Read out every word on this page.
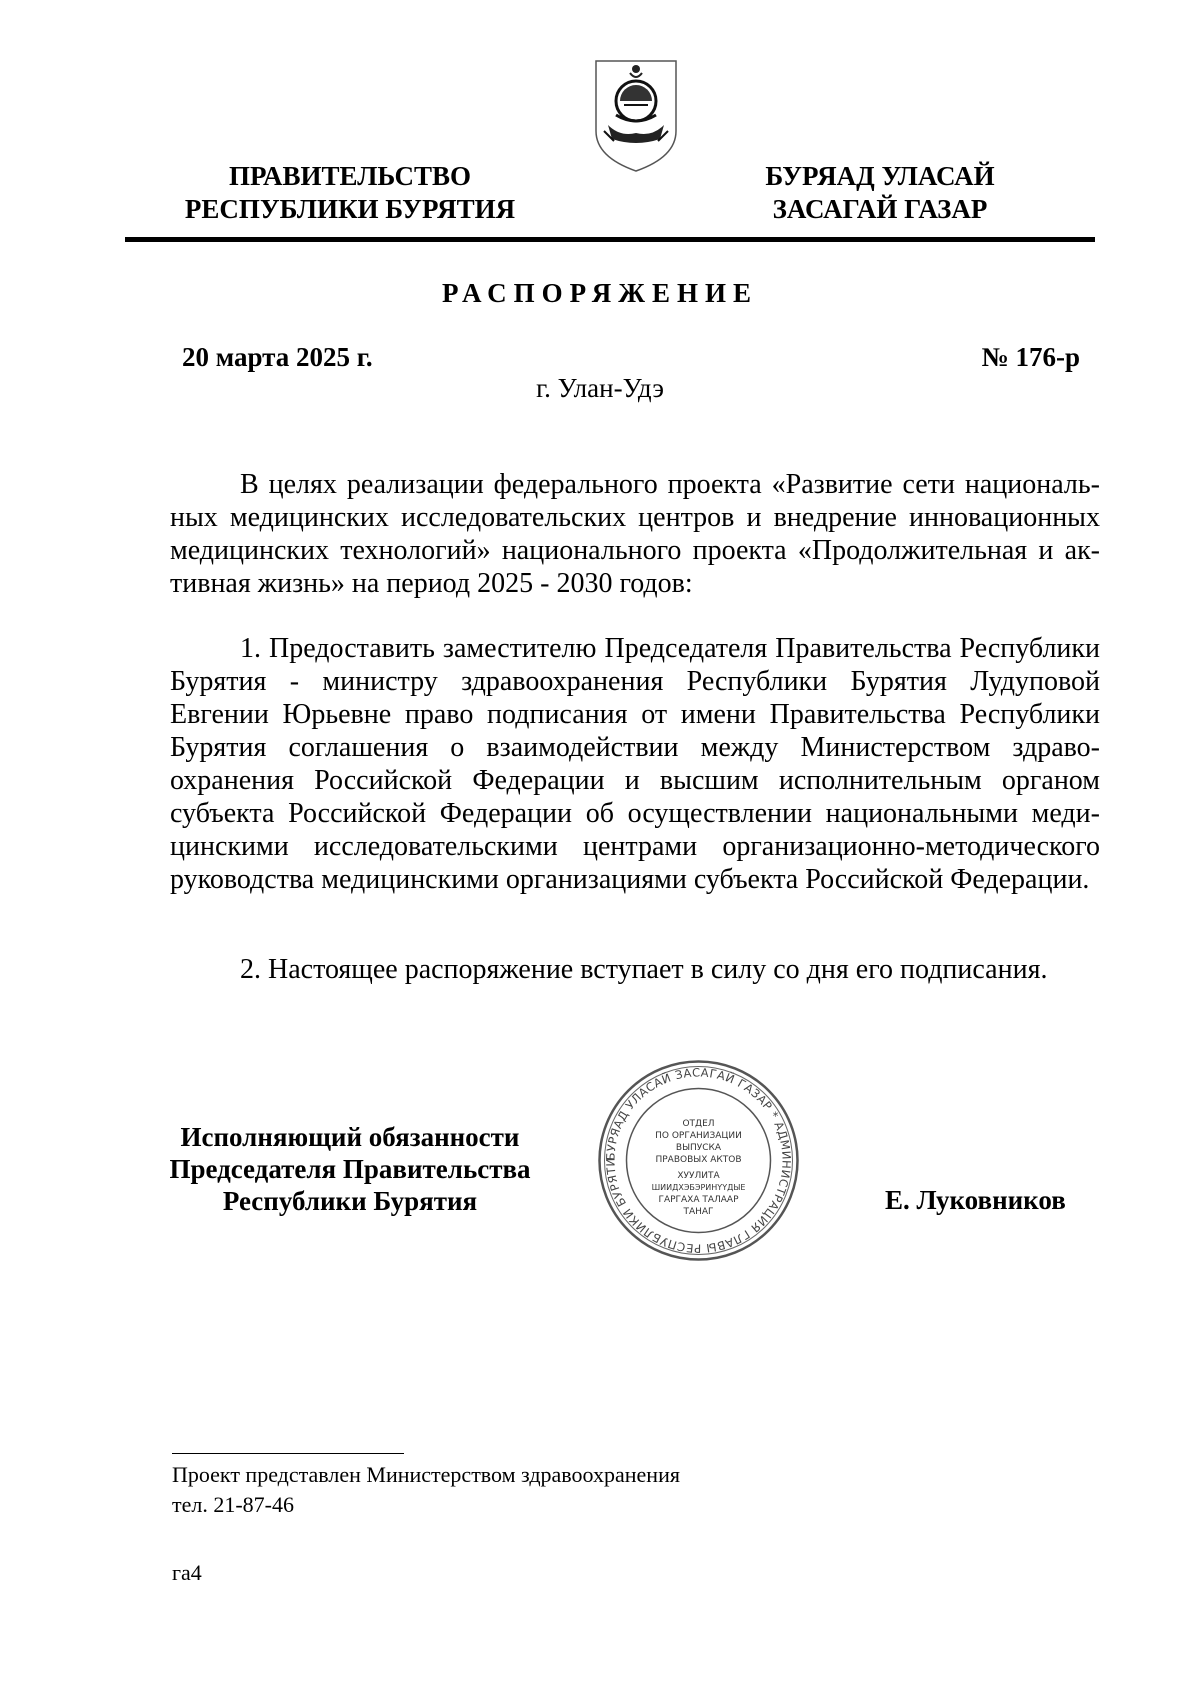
ПРАВИТЕЛЬСТВО
РЕСПУБЛИКИ БУРЯТИЯ
БУРЯАД УЛАСАЙ
ЗАСАГАЙ ГАЗАР
РАСПОРЯЖЕНИЕ
20 марта 2025 г.	№ 176-р
г. Улан-Удэ

В целях реализации федерального проекта «Развитие сети национальных медицинских исследовательских центров и внедрение инновационных медицинских технологий» национального проекта «Продолжительная и активная жизнь» на период 2025 - 2030 годов:

1. Предоставить заместителю Председателя Правительства Республики Бурятия - министру здравоохранения Республики Бурятия Лудуповой Евгении Юрьевне право подписания от имени Правительства Республики Бурятия соглашения о взаимодействии между Министерством здравоохранения Российской Федерации и высшим исполнительным органом субъекта Российской Федерации об осуществлении национальными медицинскими исследовательскими центрами организационно-методического руководства медицинскими организациями субъекта Российской Федерации.

2. Настоящее распоряжение вступает в силу со дня его подписания.

Исполняющий обязанности
Председателя Правительства
Республики Бурятия
БУРЯАД УЛАСАЙ ЗАСАГАЙ ГАЗАР * АДМИНИСТРАЦИЯ ГЛАВЫ РЕСПУБЛИКИ БУРЯТИ
ОТДЕЛ
ПО ОРГАНИЗАЦИИ
ВЫПУСКА
ПРАВОВЫХ АКТОВ
ХУУЛИТА
ШИИДХЭБЭРИНҮҮДЫЕ
ГАРГАХА ТАЛААР
ТАНАГ	Е. Луковников
Проект представлен Министерством здравоохранения
тел. 21-87-46
га4
